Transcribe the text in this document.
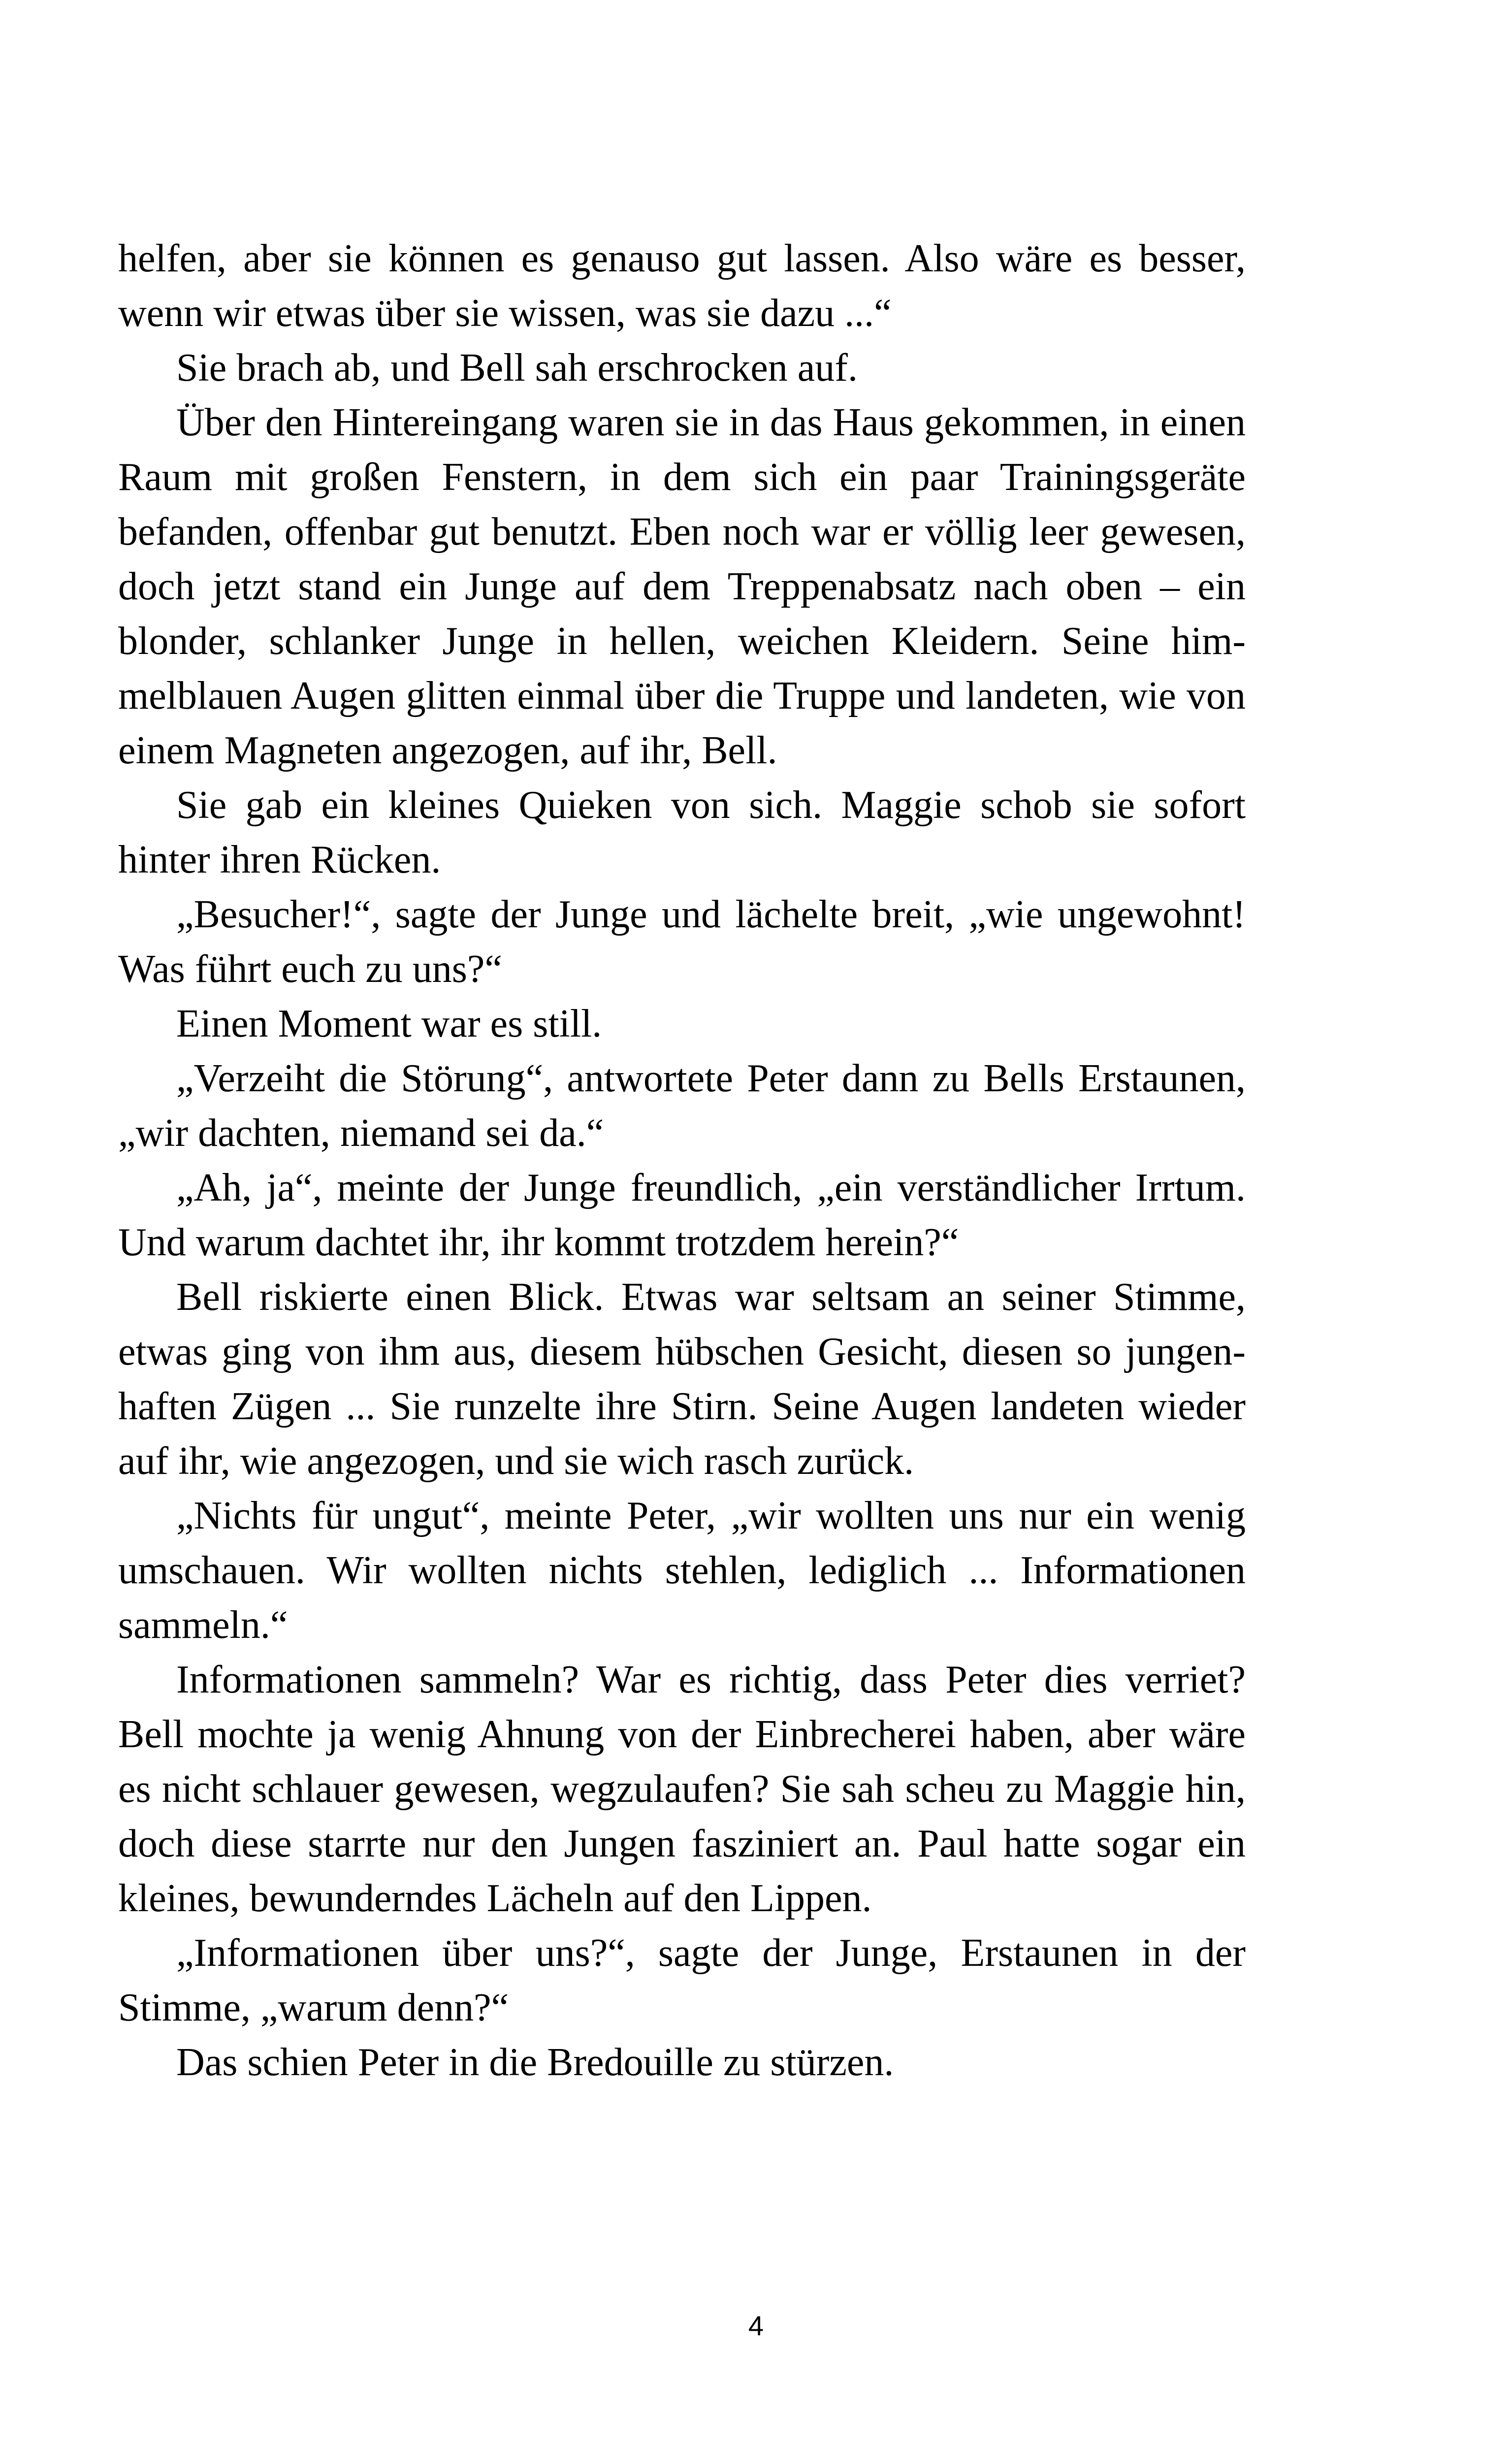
helfen, aber sie können es genauso gut lassen. Also wäre es besser, wenn wir etwas über sie wissen, was sie dazu ...“

Sie brach ab, und Bell sah erschrocken auf.

Über den Hintereingang waren sie in das Haus gekommen, in einen Raum mit großen Fenstern, in dem sich ein paar Trainingsgeräte befanden, offenbar gut benutzt. Eben noch war er völlig leer gewesen, doch jetzt stand ein Junge auf dem Treppenabsatz nach oben – ein blonder, schlanker Junge in hellen, weichen Kleidern. Seine himmelblauen Augen glitten einmal über die Truppe und landeten, wie von einem Magneten angezogen, auf ihr, Bell.

Sie gab ein kleines Quieken von sich. Maggie schob sie sofort hinter ihren Rücken.

„Besucher!“, sagte der Junge und lächelte breit, „wie ungewohnt! Was führt euch zu uns?“

Einen Moment war es still.

„Verzeiht die Störung“, antwortete Peter dann zu Bells Erstaunen, „wir dachten, niemand sei da.“

„Ah, ja“, meinte der Junge freundlich, „ein verständlicher Irrtum. Und warum dachtet ihr, ihr kommt trotzdem herein?“

Bell riskierte einen Blick. Etwas war seltsam an seiner Stimme, etwas ging von ihm aus, diesem hübschen Gesicht, diesen so jungenhaften Zügen ... Sie runzelte ihre Stirn. Seine Augen landeten wieder auf ihr, wie angezogen, und sie wich rasch zurück.

„Nichts für ungut“, meinte Peter, „wir wollten uns nur ein wenig umschauen. Wir wollten nichts stehlen, lediglich ... Informationen sammeln.“

Informationen sammeln? War es richtig, dass Peter dies verriet? Bell mochte ja wenig Ahnung von der Einbrecherei haben, aber wäre es nicht schlauer gewesen, wegzulaufen? Sie sah scheu zu Maggie hin, doch diese starrte nur den Jungen fasziniert an. Paul hatte sogar ein kleines, bewunderndes Lächeln auf den Lippen.

„Informationen über uns?“, sagte der Junge, Erstaunen in der Stimme, „warum denn?“

Das schien Peter in die Bredouille zu stürzen.

4
